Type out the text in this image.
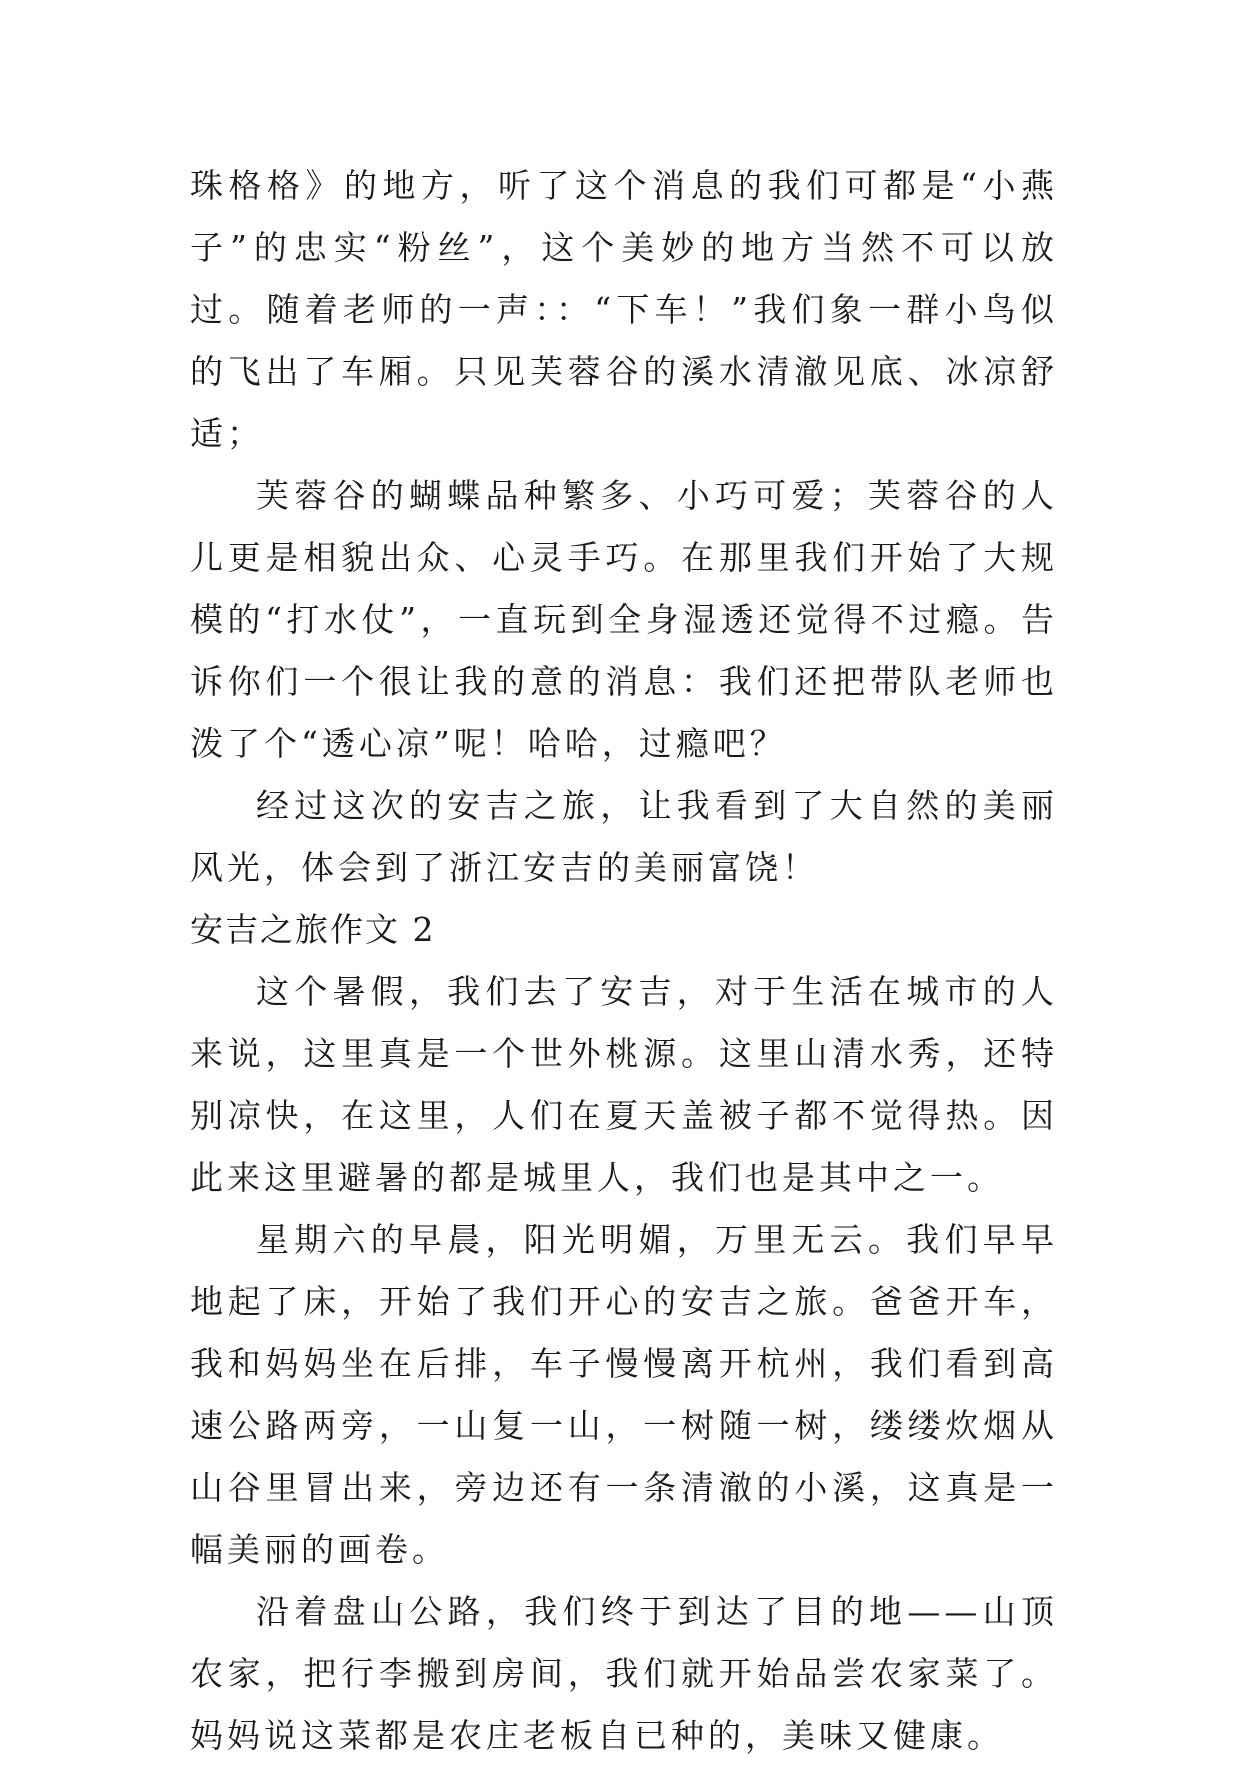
珠格格》的地方，听了这个消息的我们可都是“小燕子”的忠实“粉丝”，这个美妙的地方当然不可以放过。随着老师的一声：：“下车！”我们象一群小鸟似的飞出了车厢。只见芙蓉谷的溪水清澈见底、冰凉舒适；

芙蓉谷的蝴蝶品种繁多、小巧可爱；芙蓉谷的人儿更是相貌出众、心灵手巧。在那里我们开始了大规模的“打水仗”，一直玩到全身湿透还觉得不过瘾。告诉你们一个很让我的意的消息：我们还把带队老师也泼了个“透心凉”呢！哈哈，过瘾吧？

经过这次的安吉之旅，让我看到了大自然的美丽风光，体会到了浙江安吉的美丽富饶！

安吉之旅作文 2

这个暑假，我们去了安吉，对于生活在城市的人来说，这里真是一个世外桃源。这里山清水秀，还特别凉快，在这里，人们在夏天盖被子都不觉得热。因此来这里避暑的都是城里人，我们也是其中之一。

星期六的早晨，阳光明媚，万里无云。我们早早地起了床，开始了我们开心的安吉之旅。爸爸开车，我和妈妈坐在后排，车子慢慢离开杭州，我们看到高速公路两旁，一山复一山，一树随一树，缕缕炊烟从山谷里冒出来，旁边还有一条清澈的小溪，这真是一幅美丽的画卷。

沿着盘山公路，我们终于到达了目的地——山顶农家，把行李搬到房间，我们就开始品尝农家菜了。妈妈说这菜都是农庄老板自已种的，美味又健康。
